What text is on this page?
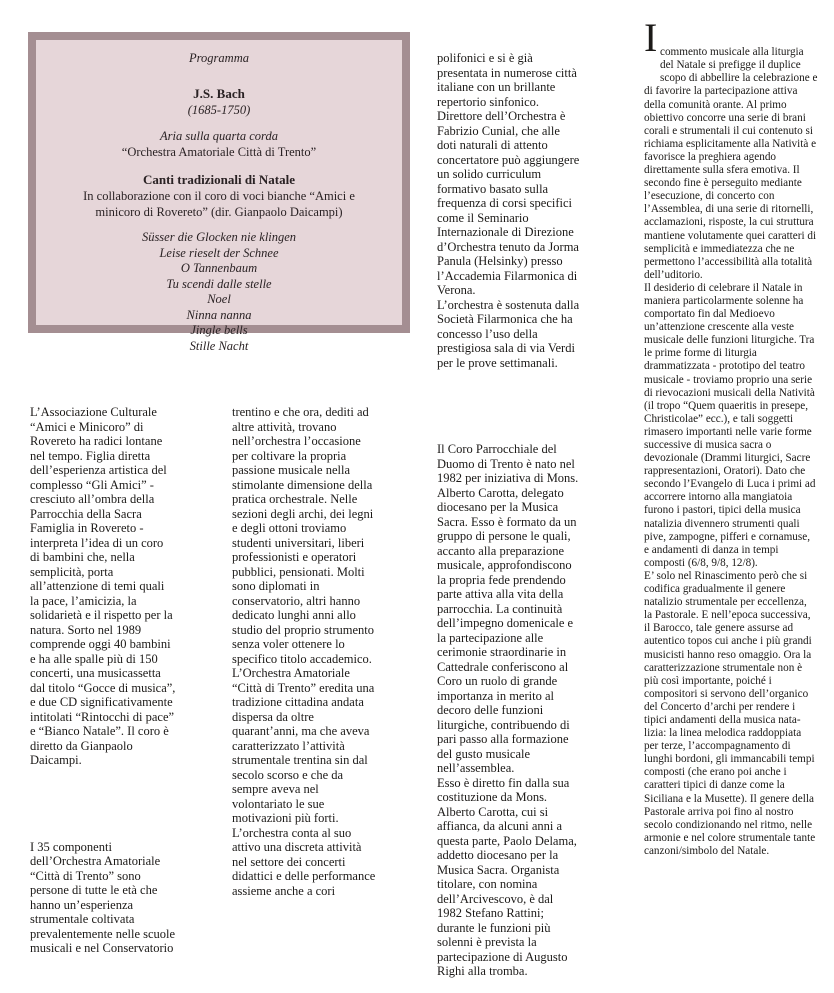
Programma
J.S. Bach
(1685-1750)
Aria sulla quarta corda
“Orchestra Amatoriale Città di Trento”
Canti tradizionali di Natale
In collaborazione con il coro di voci bianche “Amici e
minicoro di Rovereto” (dir. Gianpaolo Daicampi)
Süsser die Glocken nie klingen
Leise rieselt der Schnee
O Tannenbaum
Tu scendi dalle stelle
Noel
Ninna nanna
Jingle bells
Stille Nacht

L’Associazione Culturale

“Amici e Minicoro” di

Rovereto ha radici lontane

nel tempo. Figlia diretta

dell’esperienza artistica del

complesso “Gli Amici” -

cresciuto all’ombra della

Parrocchia della Sacra

Famiglia in Rovereto -

interpreta l’idea di un coro

di bambini che, nella

semplicità, porta

all’attenzione di temi quali

la pace, l’amicizia, la

solidarietà e il rispetto per la

natura. Sorto nel 1989

comprende oggi 40 bambini

e ha alle spalle più di 150

concerti, una musicassetta

dal titolo “Gocce di musica”,

e due CD significativamente

intitolati “Rintocchi di pace”

e “Bianco Natale”. Il coro è

diretto da Gianpaolo

Daicampi.

I 35 componenti

dell’Orchestra Amatoriale

“Città di Trento” sono

persone di tutte le età che

hanno un’esperienza

strumentale coltivata

prevalentemente nelle scuole

musicali e nel Conservatorio

trentino e che ora, dediti ad

altre attività, trovano

nell’orchestra l’occasione

per coltivare la propria

passione musicale nella

stimolante dimensione della

pratica orchestrale. Nelle

sezioni degli archi, dei legni

e degli ottoni troviamo

studenti universitari, liberi

professionisti e operatori

pubblici, pensionati. Molti

sono diplomati in

conservatorio, altri hanno

dedicato lunghi anni allo

studio del proprio strumento

senza voler ottenere lo

specifico titolo accademico.

L’Orchestra Amatoriale

“Città di Trento” eredita una

tradizione cittadina andata

dispersa da oltre

quarant’anni, ma che aveva

caratterizzato l’attività

strumentale trentina sin dal

secolo scorso e che da

sempre aveva nel

volontariato le sue

motivazioni più forti.

L’orchestra conta al suo

attivo una discreta attività

nel settore dei concerti

didattici e delle performance

assieme anche a cori

polifonici e si è già

presentata in numerose città

italiane con un brillante

repertorio sinfonico.

Direttore dell’Orchestra è

Fabrizio Cunial, che alle

doti naturali di attento

concertatore può aggiungere

un solido curriculum

formativo basato sulla

frequenza di corsi specifici

come il Seminario

Internazionale di Direzione

d’Orchestra tenuto da Jorma

Panula (Helsinky) presso

l’Accademia Filarmonica di

Verona.

L’orchestra è sostenuta dalla

Società Filarmonica che ha

concesso l’uso della

prestigiosa sala di via Verdi

per le prove settimanali.

Il Coro Parrocchiale del

Duomo di Trento è nato nel

1982 per iniziativa di Mons.

Alberto Carotta, delegato

diocesano per la Musica

Sacra. Esso è formato da un

gruppo di persone le quali,

accanto alla preparazione

musicale, approfondiscono

la propria fede prendendo

parte attiva alla vita della

parrocchia. La continuità

dell’impegno domenicale e

la partecipazione alle

cerimonie straordinarie in

Cattedrale conferiscono al

Coro un ruolo di grande

importanza in merito al

decoro delle funzioni

liturgiche, contribuendo di

pari passo alla formazione

del gusto musicale

nell’assemblea.

Esso è diretto fin dalla sua

costituzione da Mons.

Alberto Carotta, cui si

affianca, da alcuni anni a

questa parte, Paolo Delama,

addetto diocesano per la

Musica Sacra. Organista

titolare, con nomina

dell’Arcivescovo, è dal

1982 Stefano Rattini;

durante le funzioni più

solenni è prevista la

partecipazione di Augusto

Righi alla tromba.

I

commento musicale alla liturgia

del Natale si prefigge il duplice

scopo di abbellire la celebrazione e

di favorire la partecipazione attiva

della comunità orante. Al primo

obiettivo concorre una serie di brani

corali e strumentali il cui contenuto si

richiama esplicitamente alla Natività e

favorisce la preghiera agendo

direttamente sulla sfera emotiva. Il

secondo fine è perseguito mediante

l’esecuzione, di concerto con

l’Assemblea, di una serie di ritornelli,

acclamazioni, risposte, la cui struttura

mantiene volutamente quei caratteri di

semplicità e immediatezza che ne

permettono l’accessibilità alla totalità

dell’uditorio.

Il desiderio di celebrare il Natale in

maniera particolarmente solenne ha

comportato fin dal Medioevo

un’attenzione crescente alla veste

musicale delle funzioni liturgiche. Tra

le prime forme di liturgia

drammatizzata - prototipo del teatro

musicale - troviamo proprio una serie

di rievocazioni musicali della Natività

(il tropo “Quem quaeritis in presepe,

Christicolae” ecc.), e tali soggetti

rimasero importanti nelle varie forme

successive di musica sacra o

devozionale (Drammi liturgici, Sacre

rappresentazioni, Oratori). Dato che

secondo l’Evangelo di Luca i primi ad

accorrere intorno alla mangiatoia

furono i pastori, tipici della musica

natalizia divennero strumenti quali

pive, zampogne, pifferi e cornamuse,

e andamenti di danza in tempi

composti (6/8, 9/8, 12/8).

E’ solo nel Rinascimento però che si

codifica gradualmente il genere

natalizio strumentale per eccellenza,

la Pastorale. E nell’epoca successiva,

il Barocco, tale genere assurse ad

autentico topos cui anche i più grandi

musicisti hanno reso omaggio. Ora la

caratterizzazione strumentale non è

più così importante, poiché i

compositori si servono dell’organico

del Concerto d’archi per rendere i

tipici andamenti della musica nata-

lizia: la linea melodica raddoppiata

per terze, l’accompagnamento di

lunghi bordoni, gli immancabili tempi

composti (che erano poi anche i

caratteri tipici di danze come la

Siciliana e la Musette). Il genere della

Pastorale arriva poi fino al nostro

secolo condizionando nel ritmo, nelle

armonie e nel colore strumentale tante

canzoni/simbolo del Natale.
